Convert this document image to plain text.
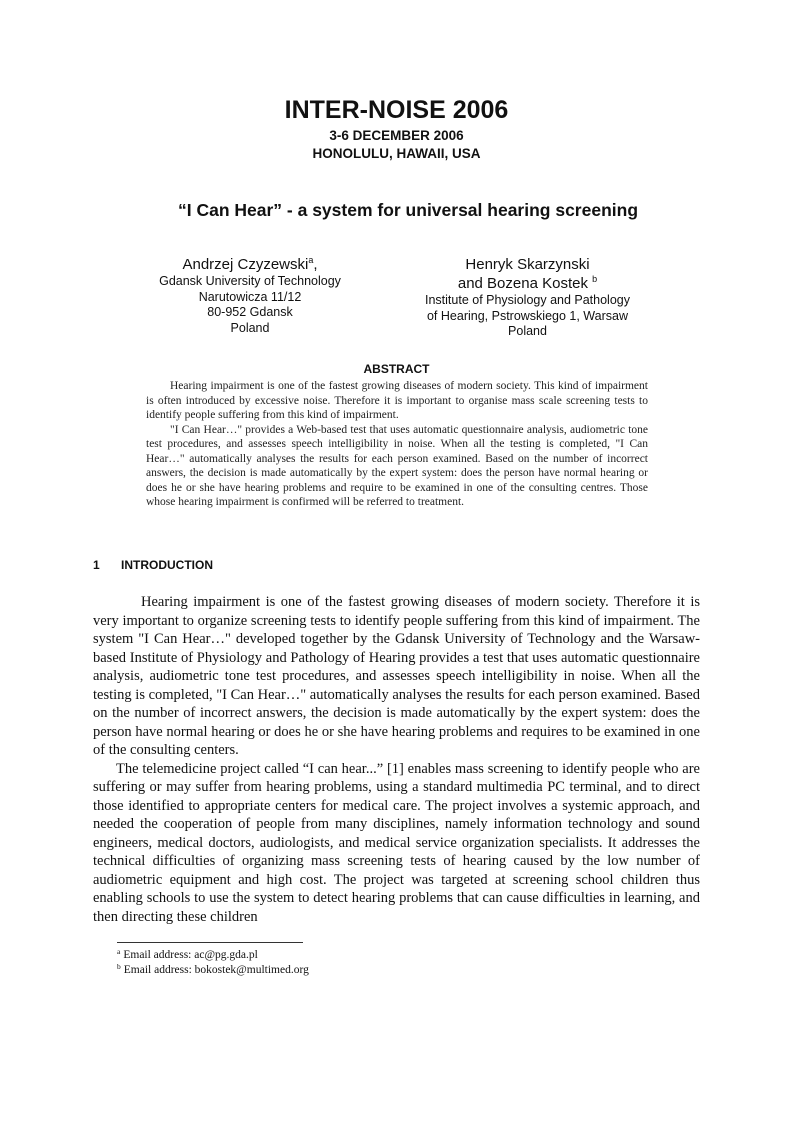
INTER-NOISE 2006
3-6 DECEMBER 2006
HONOLULU, HAWAII, USA
“I Can Hear” - a system for universal hearing screening
Andrzej Czyzewski$^a$,
Gdansk University of Technology
Narutowicza 11/12
80-952 Gdansk
Poland
Henryk Skarzynski
and Bozena Kostek $^b$
Institute of Physiology and Pathology
of Hearing, Pstrowskiego 1, Warsaw
Poland
ABSTRACT

Hearing impairment is one of the fastest growing diseases of modern society. This kind of impairment is often introduced by excessive noise. Therefore it is important to organise mass scale screening tests to identify people suffering from this kind of impairment.

"I Can Hear…" provides a Web-based test that uses automatic questionnaire analysis, audiometric tone test procedures, and assesses speech intelligibility in noise. When all the testing is completed, "I Can Hear…" automatically analyses the results for each person examined. Based on the number of incorrect answers, the decision is made automatically by the expert system: does the person have normal hearing or does he or she have hearing problems and require to be examined in one of the consulting centres. Those whose hearing impairment is confirmed will be referred to treatment.

1 INTRODUCTION

Hearing impairment is one of the fastest growing diseases of modern society. Therefore it is very important to organize screening tests to identify people suffering from this kind of impairment. The system "I Can Hear…" developed together by the Gdansk University of Technology and the Warsaw-based Institute of Physiology and Pathology of Hearing provides a test that uses automatic questionnaire analysis, audiometric tone test procedures, and assesses speech intelligibility in noise. When all the testing is completed, "I Can Hear…" automatically analyses the results for each person examined. Based on the number of incorrect answers, the decision is made automatically by the expert system: does the person have normal hearing or does he or she have hearing problems and requires to be examined in one of the consulting centers.

The telemedicine project called “I can hear...” [1] enables mass screening to identify people who are suffering or may suffer from hearing problems, using a standard multimedia PC terminal, and to direct those identified to appropriate centers for medical care. The project involves a systemic approach, and needed the cooperation of people from many disciplines, namely information technology and sound engineers, medical doctors, audiologists, and medical service organization specialists. It addresses the technical difficulties of organizing mass screening tests of hearing caused by the low number of audiometric equipment and high cost. The project was targeted at screening school children thus enabling schools to use the system to detect hearing problems that can cause difficulties in learning, and then directing these children

$^a$ Email address: ac@pg.gda.pl
$^b$ Email address: bokostek@multimed.org
